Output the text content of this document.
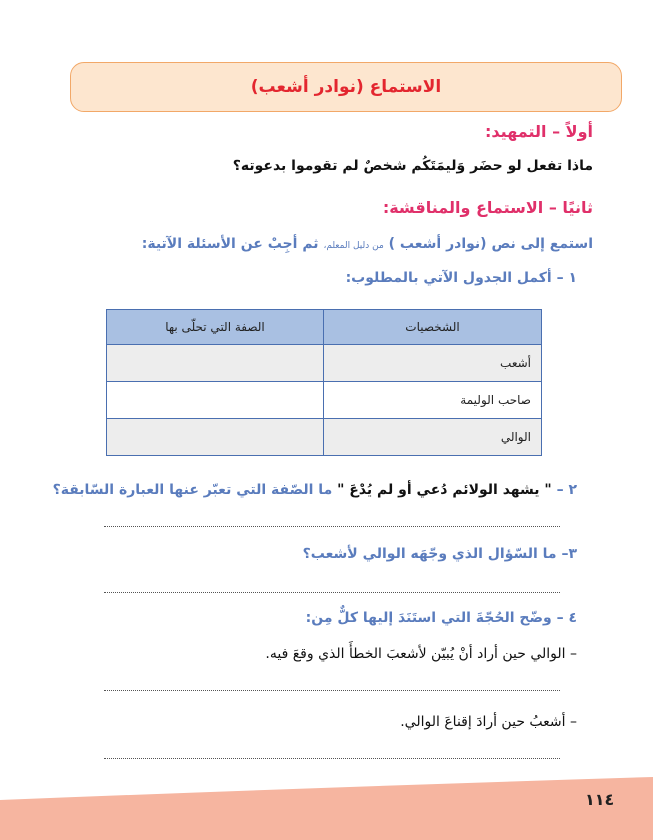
الاستماع (نوادر أشعب)
أولاً – التمهيد:
ماذا تفعل لو حضَر وَليمَتَكُم شخصٌ لم تقوموا بدعوته؟
ثانيًا – الاستماع والمناقشة:
استمع إلى نص (نوادر أشعب ) من دليل المعلم، ثم أجِبْ عن الأسئلة الآتية:
١ – أكمل الجدول الآتي بالمطلوب:
الشخصيات	الصفة التي تحلّى بها
أشعب	
صاحب الوليمة	
الوالي	
٢ – " يشهد الولائم دُعي أو لم يُدْعَ " ما الصّفة التي تعبّر عنها العبارة السّابقة؟
٣– ما السّؤال الذي وجّهَه الوالي لأشعب؟
٤ – وضّح الحُجّةَ التي استَنَدَ إليها كلٌّ مِن:
– الوالي حين أراد أنْ يُبيّن لأشعبَ الخطأَ الذي وقعَ فيه.
– أشعبُ حين أرادَ إقناعَ الوالي.
١١٤
